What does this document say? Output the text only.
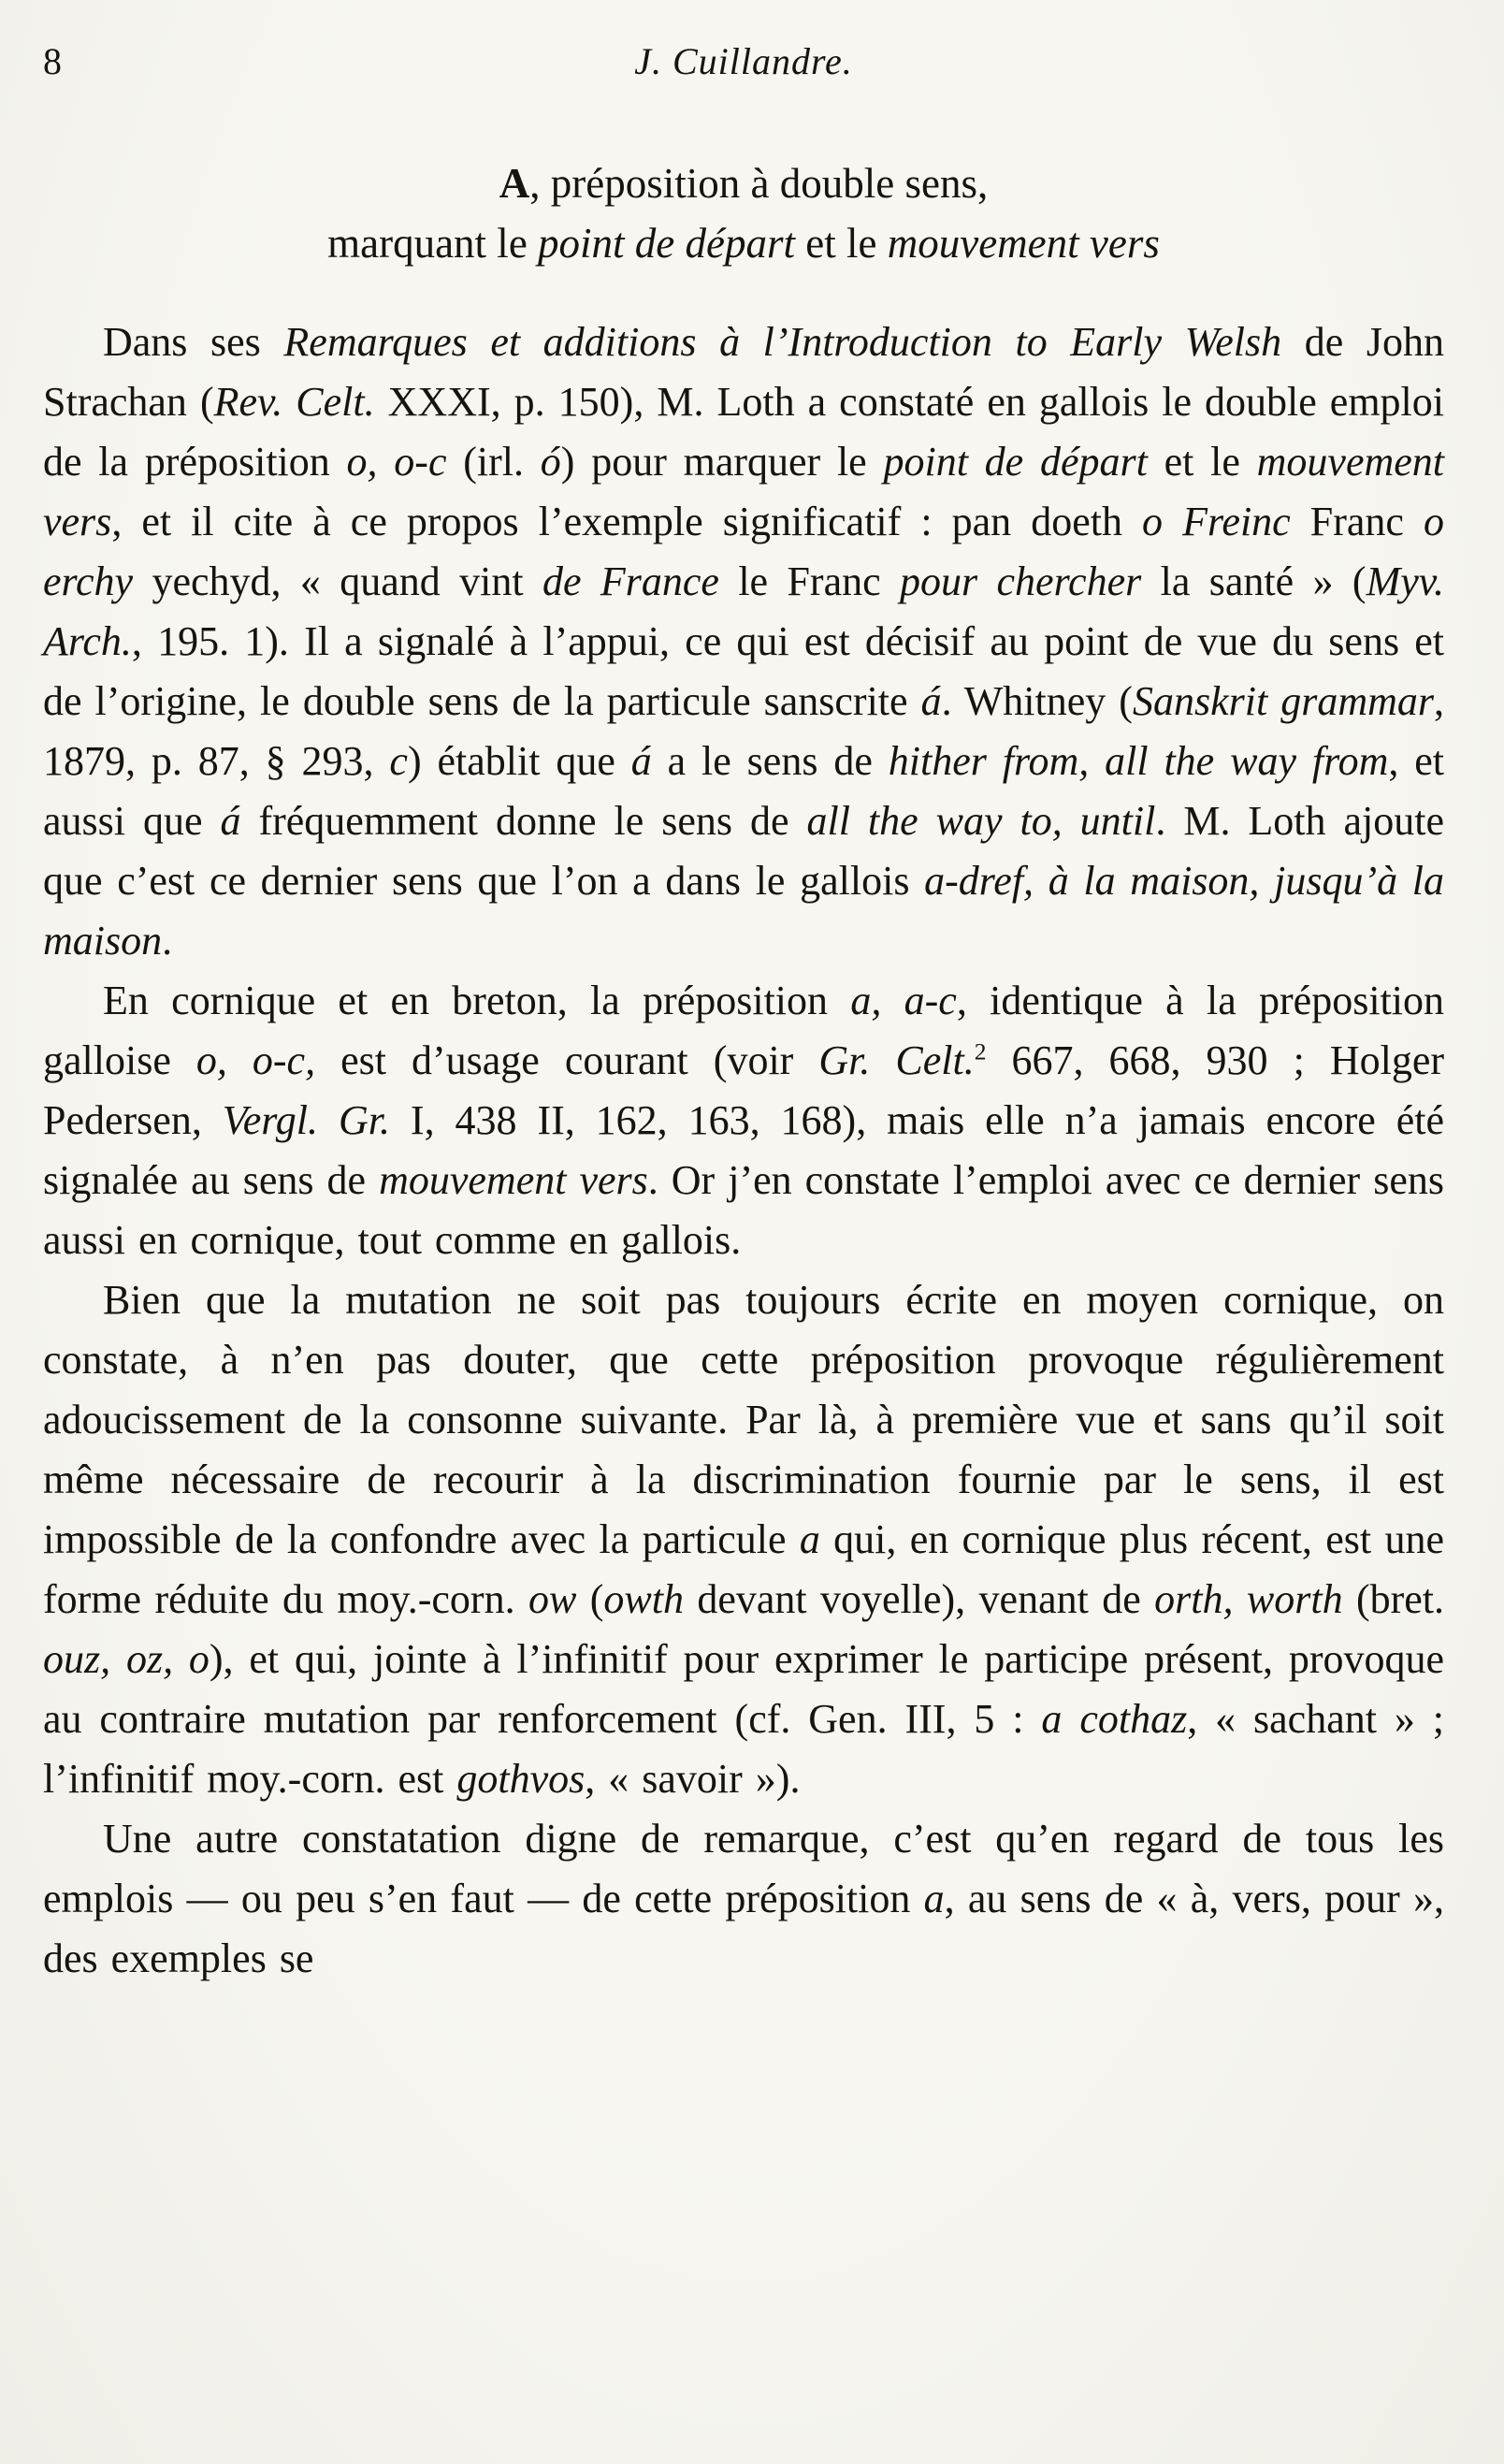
8	J. Cuillandre.
A, préposition à double sens,
marquant le point de départ et le mouvement vers

Dans ses Remarques et additions à l’Introduction to Early Welsh de John Strachan (Rev. Celt. XXXI, p. 150), M. Loth a constaté en gallois le double emploi de la préposition o, o-c (irl. ó) pour marquer le point de départ et le mouvement vers, et il cite à ce propos l’exemple significatif : pan doeth o Freinc Franc o erchy yechyd, « quand vint de France le Franc pour chercher la santé » (Myv. Arch., 195. 1). Il a signalé à l’appui, ce qui est décisif au point de vue du sens et de l’origine, le double sens de la particule sanscrite á. Whitney (Sanskrit grammar, 1879, p. 87, § 293, c) établit que á a le sens de hither from, all the way from, et aussi que á fréquemment donne le sens de all the way to, until. M. Loth ajoute que c’est ce dernier sens que l’on a dans le gallois a-dref, à la maison, jusqu’à la maison.

En cornique et en breton, la préposition a, a-c, identique à la préposition galloise o, o-c, est d’usage courant (voir Gr. Celt.$^2$ 667, 668, 930 ; Holger Pedersen, Vergl. Gr. I, 438 II, 162, 163, 168), mais elle n’a jamais encore été signalée au sens de mouvement vers. Or j’en constate l’emploi avec ce dernier sens aussi en cornique, tout comme en gallois.

Bien que la mutation ne soit pas toujours écrite en moyen cornique, on constate, à n’en pas douter, que cette préposition provoque régulièrement adoucissement de la consonne suivante. Par là, à première vue et sans qu’il soit même nécessaire de recourir à la discrimination fournie par le sens, il est impossible de la confondre avec la particule a qui, en cornique plus récent, est une forme réduite du moy.-corn. ow (owth devant voyelle), venant de orth, worth (bret. ouz, oz, o), et qui, jointe à l’infinitif pour exprimer le participe présent, provoque au contraire mutation par renforcement (cf. Gen. III, 5 : a cothaz, « sachant » ; l’infinitif moy.-corn. est gothvos, « savoir »).

Une autre constatation digne de remarque, c’est qu’en regard de tous les emplois — ou peu s’en faut — de cette préposition a, au sens de « à, vers, pour », des exemples se
